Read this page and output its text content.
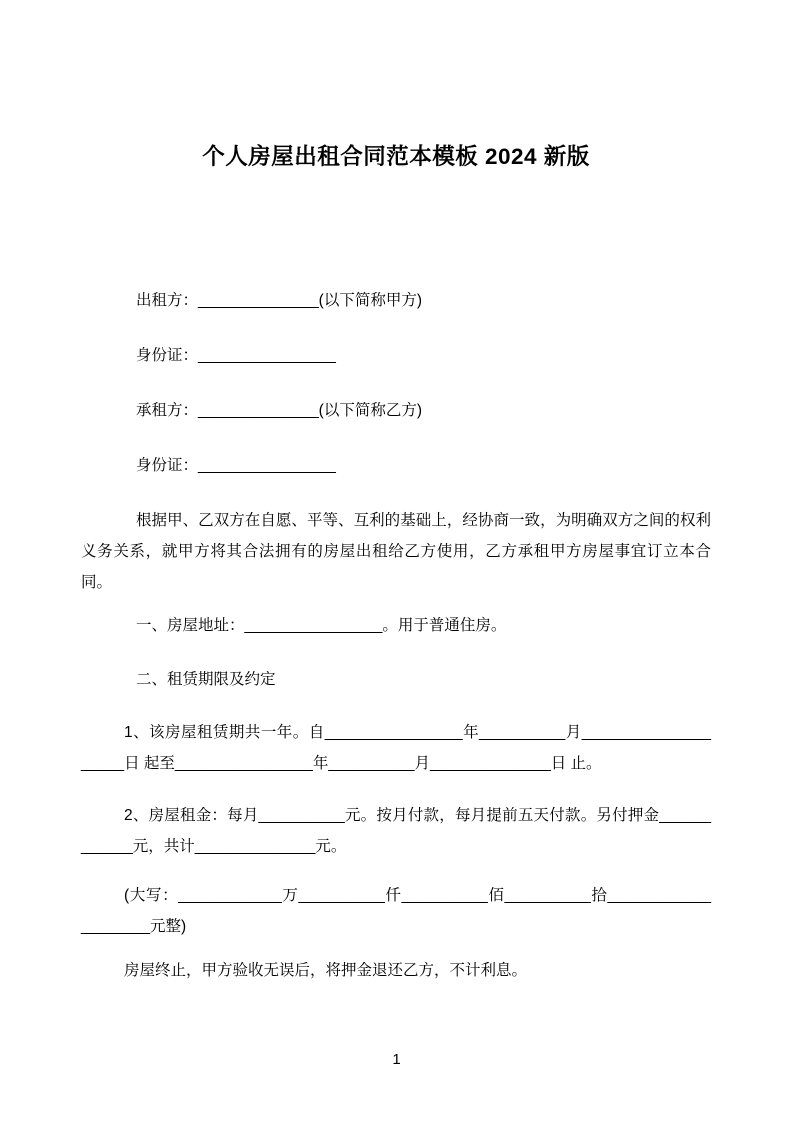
个人房屋出租合同范本模板 2024 新版

出租方：______________(以下简称甲方)

身份证：________________

承租方：______________(以下简称乙方)

身份证：________________

根据甲、乙双方在自愿、平等、互利的基础上，经协商一致，为明确双方之间的权利义务关系，就甲方将其合法拥有的房屋出租给乙方使用，乙方承租甲方房屋事宜订立本合同。

一、房屋地址：________________。用于普通住房。

二、租赁期限及约定

1、该房屋租赁期共一年。自________________年__________月____________________日 起至________________年__________月______________日 止。

2、房屋租金：每月__________元。按月付款，每月提前五天付款。另付押金____________元，共计______________元。

(大写：____________万__________仟__________佰__________拾____________________元整)

房屋终止，甲方验收无误后，将押金退还乙方，不计利息。

1
